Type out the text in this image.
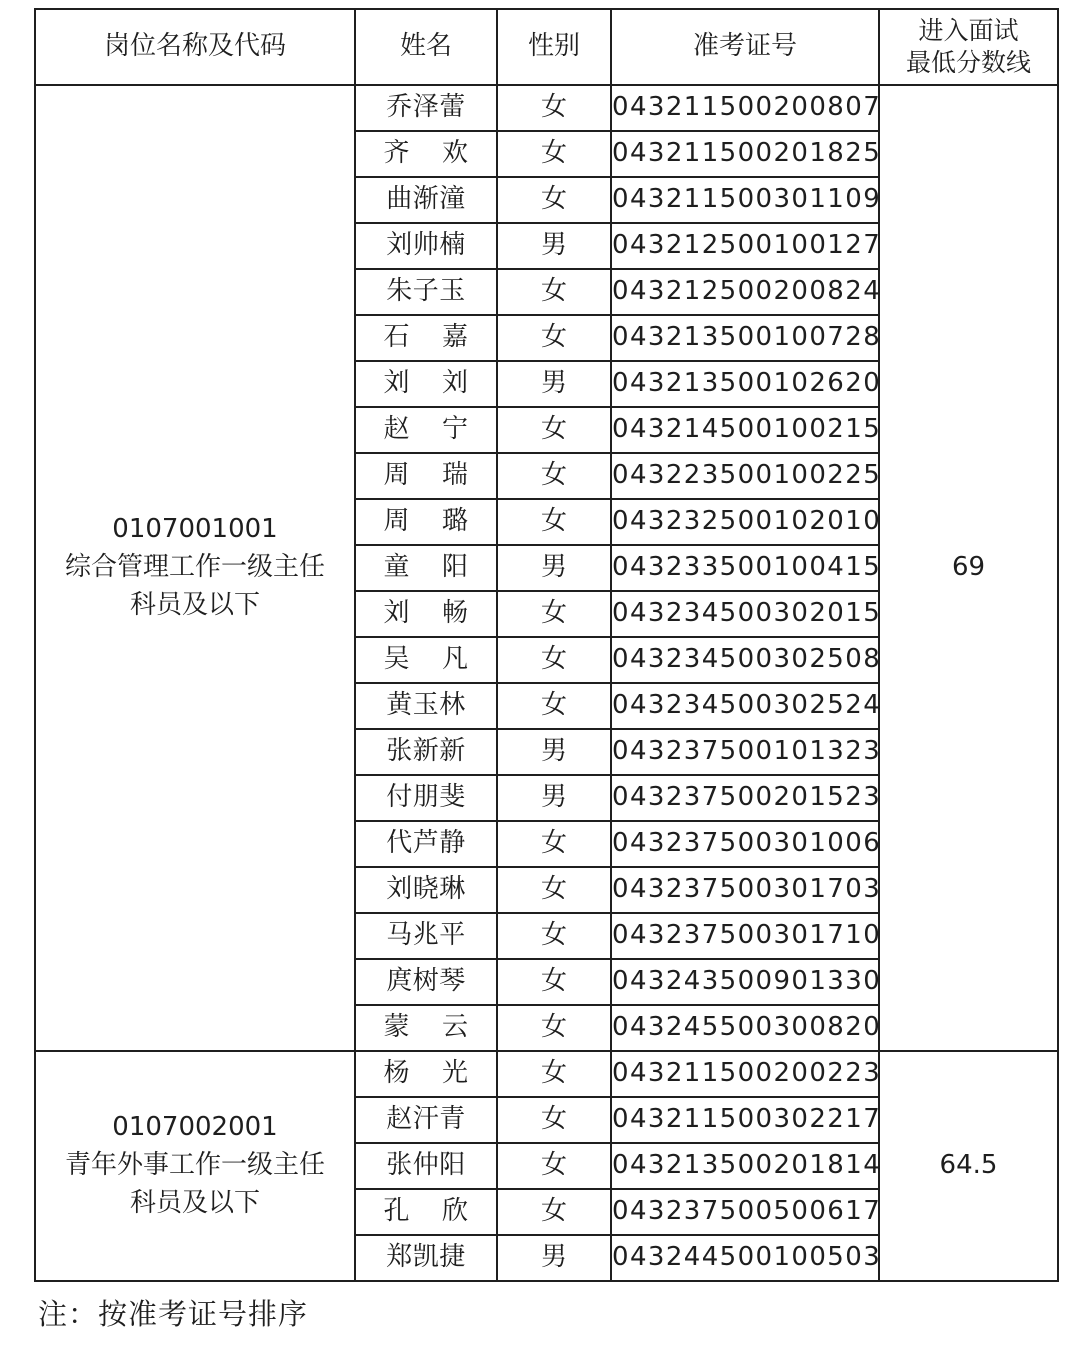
岗位名称及代码	姓名	性别	准考证号	进入面试
最低分数线

0107001001
综合管理工作一级主任
科员及以下	乔泽蕾	女	043211500200807	69
	齐 欢	女	043211500201825	
	曲渐潼	女	043211500301109	
	刘帅楠	男	043212500100127	
	朱子玉	女	043212500200824	
	石 嘉	女	043213500100728	
	刘 刘	男	043213500102620	
	赵 宁	女	043214500100215	
	周 瑞	女	043223500100225	
	周 璐	女	043232500102010	
	童 阳	男	043233500100415	
	刘 畅	女	043234500302015	
	吴 凡	女	043234500302508	
	黄玉林	女	043234500302524	
	张新新	男	043237500101323	
	付朋斐	男	043237500201523	
	代芦静	女	043237500301006	
	刘晓琳	女	043237500301703	
	马兆平	女	043237500301710	
	庹树琴	女	043243500901330	
	蒙 云	女	043245500300820	

0107002001
青年外事工作一级主任
科员及以下	杨 光	女	043211500200223	64.5
	赵汗青	女	043211500302217	
	张仲阳	女	043213500201814	
	孔 欣	女	043237500500617	
	郑凯捷	男	043244500100503	
注：按准考证号排序
